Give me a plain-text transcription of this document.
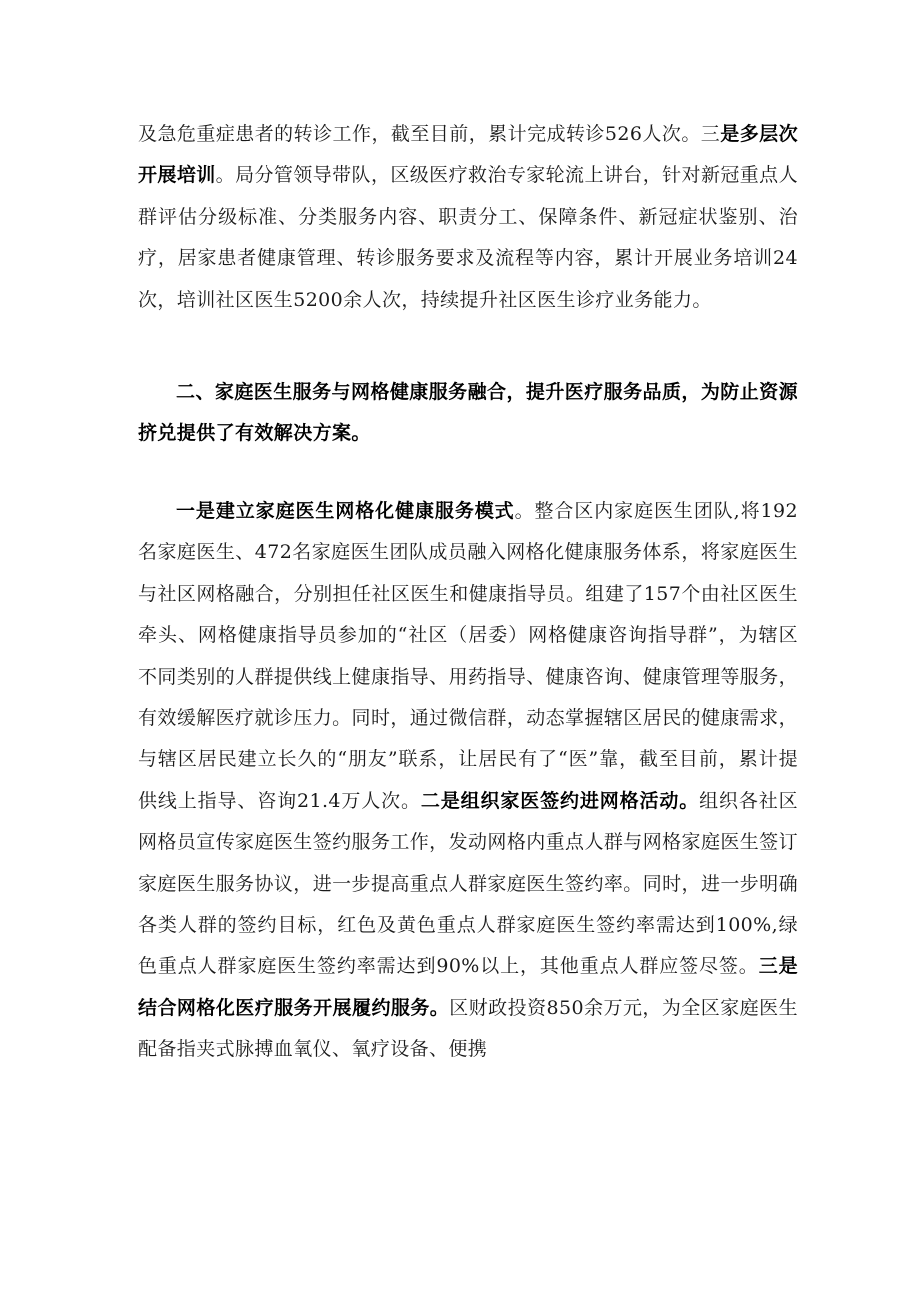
及急危重症患者的转诊工作，截至目前，累计完成转诊526人次。三是多层次开展培训。局分管领导带队，区级医疗救治专家轮流上讲台，针对新冠重点人群评估分级标准、分类服务内容、职责分工、保障条件、新冠症状鉴别、治疗，居家患者健康管理、转诊服务要求及流程等内容，累计开展业务培训24次，培训社区医生5200余人次，持续提升社区医生诊疗业务能力。

二、家庭医生服务与网格健康服务融合，提升医疗服务品质，为防止资源挤兑提供了有效解决方案。

一是建立家庭医生网格化健康服务模式。整合区内家庭医生团队,将192名家庭医生、472名家庭医生团队成员融入网格化健康服务体系，将家庭医生与社区网格融合，分别担任社区医生和健康指导员。组建了157个由社区医生牵头、网格健康指导员参加的“社区（居委）网格健康咨询指导群”，为辖区不同类别的人群提供线上健康指导、用药指导、健康咨询、健康管理等服务，有效缓解医疗就诊压力。同时，通过微信群，动态掌握辖区居民的健康需求，与辖区居民建立长久的“朋友”联系，让居民有了“医”靠，截至目前，累计提供线上指导、咨询21.4万人次。二是组织家医签约进网格活动。组织各社区网格员宣传家庭医生签约服务工作，发动网格内重点人群与网格家庭医生签订家庭医生服务协议，进一步提高重点人群家庭医生签约率。同时，进一步明确各类人群的签约目标，红色及黄色重点人群家庭医生签约率需达到100%,绿色重点人群家庭医生签约率需达到90%以上，其他重点人群应签尽签。三是结合网格化医疗服务开展履约服务。区财政投资850余万元，为全区家庭医生配备指夹式脉搏血氧仪、氧疗设备、便携
